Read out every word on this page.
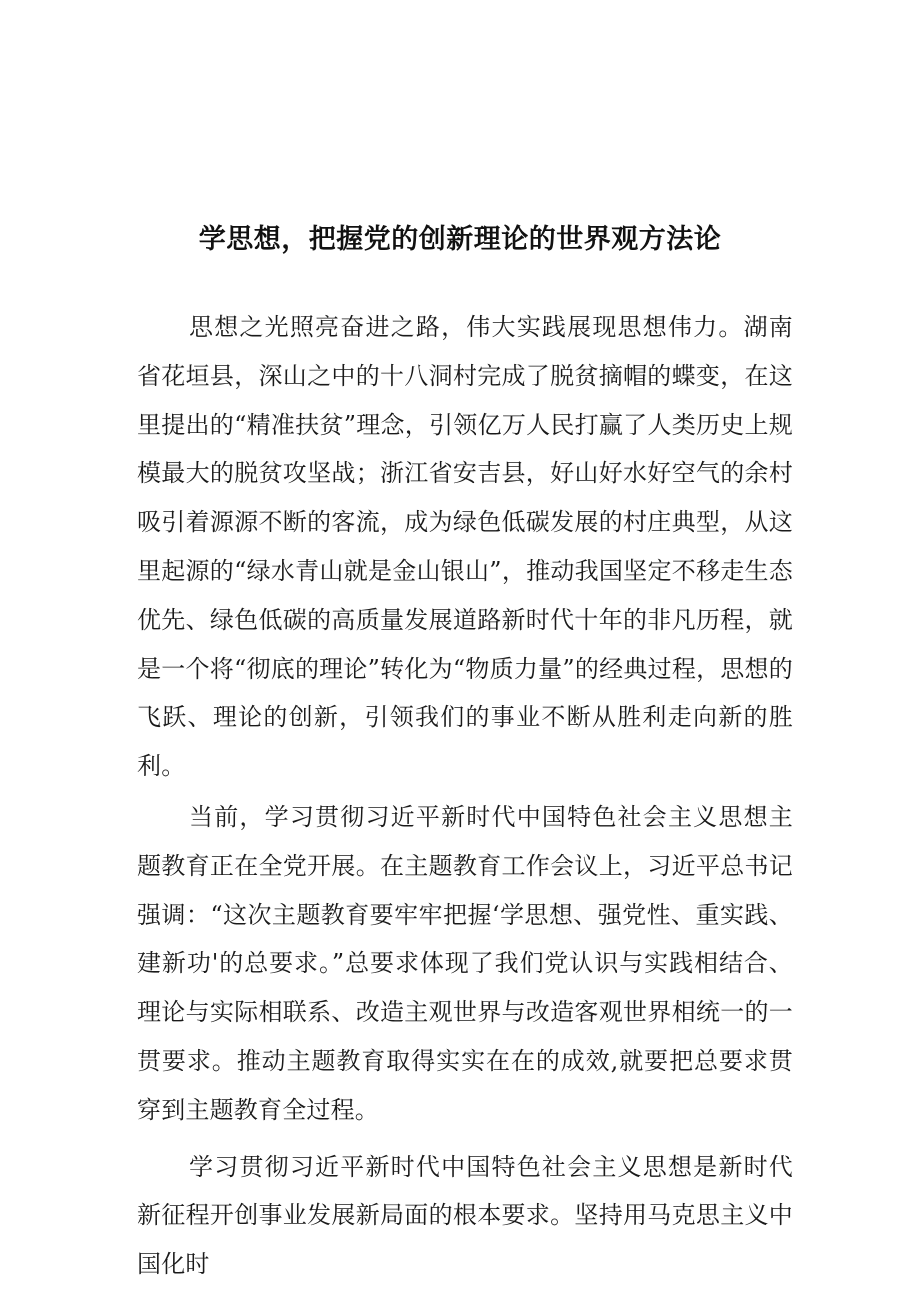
学思想，把握党的创新理论的世界观方法论

思想之光照亮奋进之路，伟大实践展现思想伟力。湖南省花垣县，深山之中的十八洞村完成了脱贫摘帽的蝶变，在这里提出的“精准扶贫”理念，引领亿万人民打赢了人类历史上规模最大的脱贫攻坚战；浙江省安吉县，好山好水好空气的余村吸引着源源不断的客流，成为绿色低碳发展的村庄典型，从这里起源的“绿水青山就是金山银山”，推动我国坚定不移走生态优先、绿色低碳的高质量发展道路新时代十年的非凡历程，就是一个将“彻底的理论”转化为“物质力量”的经典过程，思想的飞跃、理论的创新，引领我们的事业不断从胜利走向新的胜利。

当前，学习贯彻习近平新时代中国特色社会主义思想主题教育正在全党开展。在主题教育工作会议上，习近平总书记强调：“这次主题教育要牢牢把握‘学思想、强党性、重实践、建新功'的总要求。”总要求体现了我们党认识与实践相结合、理论与实际相联系、改造主观世界与改造客观世界相统一的一贯要求。推动主题教育取得实实在在的成效,就要把总要求贯穿到主题教育全过程。

学习贯彻习近平新时代中国特色社会主义思想是新时代新征程开创事业发展新局面的根本要求。坚持用马克思主义中国化时
